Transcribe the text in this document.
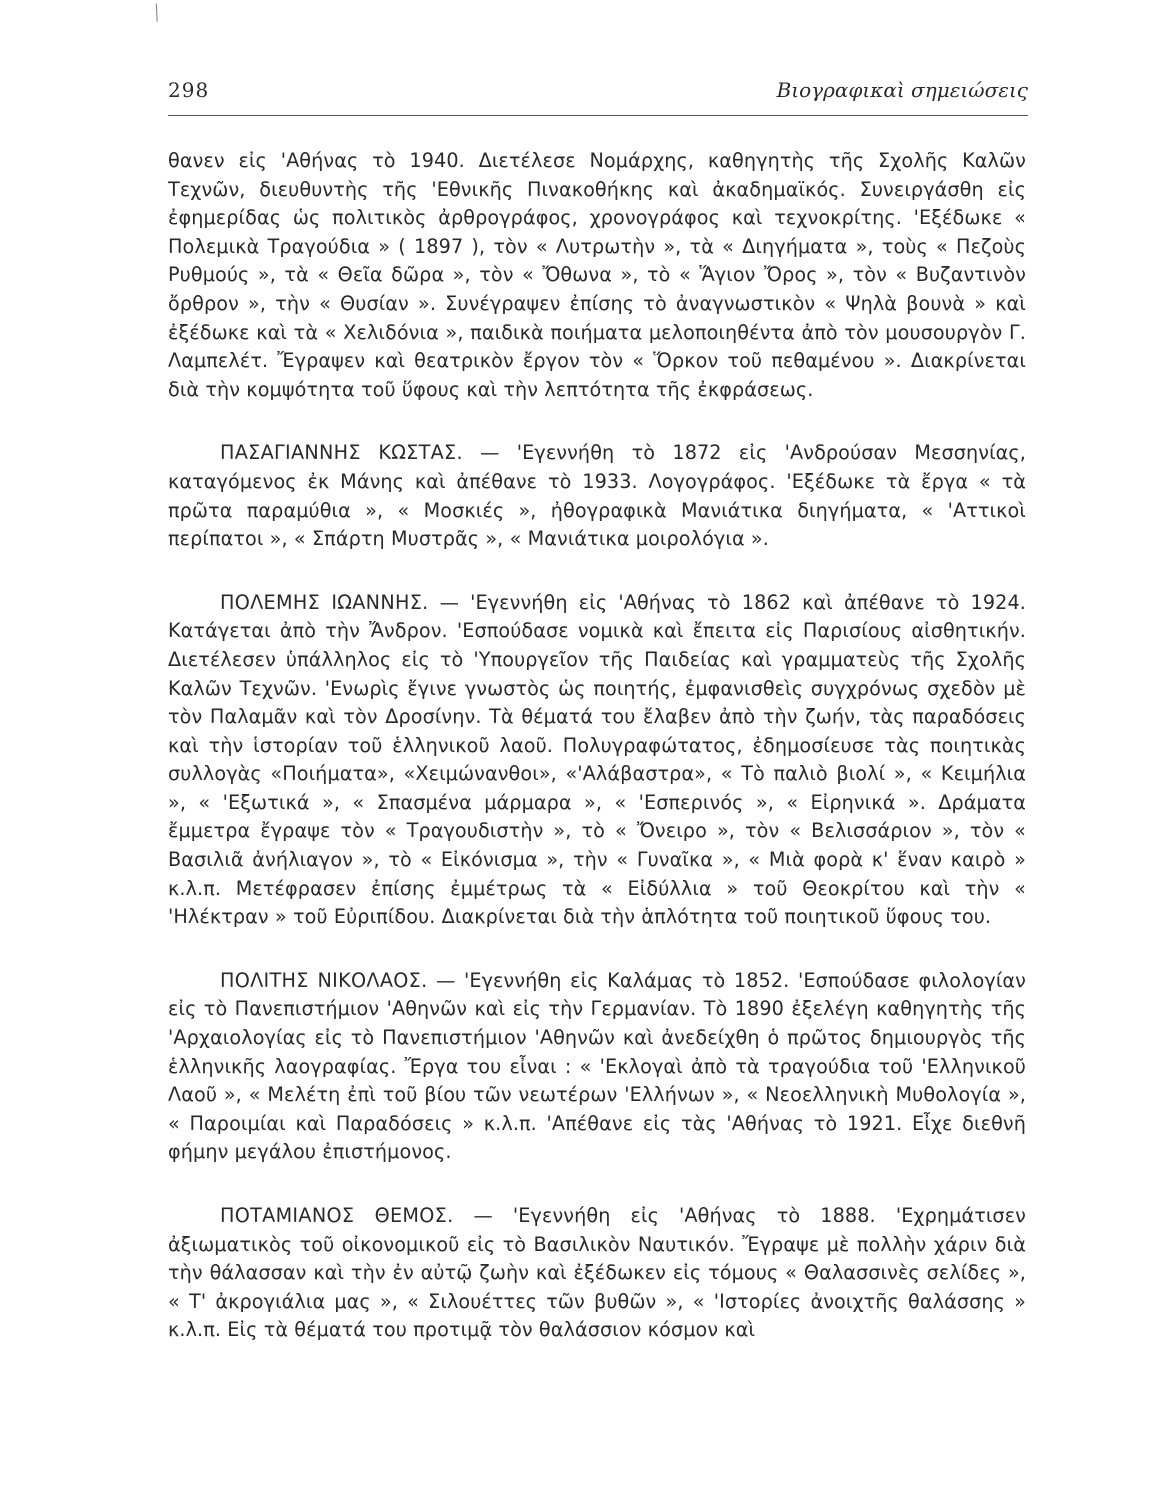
╱
298	Βιογραφικαὶ σημειώσεις

θανεν εἰς 'Αθήνας τὸ 1940. Διετέλεσε Νομάρχης, καθηγητὴς τῆς Σχολῆς Καλῶν Τεχνῶν, διευθυντὴς τῆς 'Εθνικῆς Πινακοθήκης καὶ ἀκαδημαϊκός. Συνειργάσθη εἰς ἐφημερίδας ὡς πολιτικὸς ἀρθρογράφος, χρονογράφος καὶ τεχνοκρίτης. 'Εξέδωκε « Πολεμικὰ Τραγούδια » ( 1897 ), τὸν « Λυτρωτὴν », τὰ « Διηγήματα », τοὺς « Πεζοὺς Ρυθμούς », τὰ « Θεῖα δῶρα », τὸν « Ὄθωνα », τὸ « Ἅγιον Ὄρος », τὸν « Βυζαντινὸν ὄρθρον », τὴν « Θυσίαν ». Συνέγραψεν ἐπίσης τὸ ἀναγνωστικὸν « Ψηλὰ βουνὰ » καὶ ἐξέδωκε καὶ τὰ « Χελιδόνια », παιδικὰ ποιήματα μελοποιηθέντα ἀπὸ τὸν μουσουργὸν Γ. Λαμπελέτ. Ἔγραψεν καὶ θεατρικὸν ἔργον τὸν « Ὅρκον τοῦ πεθαμένου ». Διακρίνεται διὰ τὴν κομψότητα τοῦ ὕφους καὶ τὴν λεπτότητα τῆς ἐκφράσεως.

ΠΑΣΑΓΙΑΝΝΗΣ ΚΩΣΤΑΣ. — 'Εγεννήθη τὸ 1872 εἰς 'Ανδρούσαν Μεσσηνίας, καταγόμενος ἐκ Μάνης καὶ ἀπέθανε τὸ 1933. Λογογράφος. 'Εξέδωκε τὰ ἔργα « τὰ πρῶτα παραμύθια », « Μοσκιές », ἠθογραφικὰ Μανιάτικα διηγήματα, « 'Αττικοὶ περίπατοι », « Σπάρτη Μυστρᾶς », « Μανιάτικα μοιρολόγια ».

ΠΟΛΕΜΗΣ ΙΩΑΝΝΗΣ. — 'Εγεννήθη εἰς 'Αθήνας τὸ 1862 καὶ ἀπέθανε τὸ 1924. Κατάγεται ἀπὸ τὴν Ἄνδρον. 'Εσπούδασε νομικὰ καὶ ἔπειτα εἰς Παρισίους αἰσθητικήν. Διετέλεσεν ὑπάλληλος εἰς τὸ 'Υπουργεῖον τῆς Παιδείας καὶ γραμματεὺς τῆς Σχολῆς Καλῶν Τεχνῶν. 'Ενωρὶς ἔγινε γνωστὸς ὡς ποιητής, ἐμφανισθεὶς συγχρόνως σχεδὸν μὲ τὸν Παλαμᾶν καὶ τὸν Δροσίνην. Τὰ θέματά του ἔλαβεν ἀπὸ τὴν ζωήν, τὰς παραδόσεις καὶ τὴν ἱστορίαν τοῦ ἑλληνικοῦ λαοῦ. Πολυγραφώτατος, ἐδημοσίευσε τὰς ποιητικὰς συλλογὰς «Ποιήματα», «Χειμώνανθοι», «'Αλάβαστρα», « Τὸ παλιὸ βιολί », « Κειμήλια », « 'Εξωτικά », « Σπασμένα μάρμαρα », « 'Εσπερινός », « Εἰρηνικά ». Δράματα ἔμμετρα ἔγραψε τὸν « Τραγουδιστὴν », τὸ « Ὄνειρο », τὸν « Βελισσάριον », τὸν « Βασιλιᾶ ἀνήλιαγον », τὸ « Εἰκόνισμα », τὴν « Γυναῖκα », « Μιὰ φορὰ κ' ἕναν καιρὸ » κ.λ.π. Μετέφρασεν ἐπίσης ἐμμέτρως τὰ « Εἰδύλλια » τοῦ Θεοκρίτου καὶ τὴν « 'Ηλέκτραν » τοῦ Εὐριπίδου. Διακρίνεται διὰ τὴν ἁπλότητα τοῦ ποιητικοῦ ὕφους του.

ΠΟΛΙΤΗΣ ΝΙΚΟΛΑΟΣ. — 'Εγεννήθη εἰς Καλάμας τὸ 1852. 'Εσπούδασε φιλολογίαν εἰς τὸ Πανεπιστήμιον 'Αθηνῶν καὶ εἰς τὴν Γερμανίαν. Τὸ 1890 ἐξελέγη καθηγητὴς τῆς 'Αρχαιολογίας εἰς τὸ Πανεπιστήμιον 'Αθηνῶν καὶ ἀνεδείχθη ὁ πρῶτος δημιουργὸς τῆς ἑλληνικῆς λαογραφίας. Ἔργα του εἶναι : « 'Εκλογαὶ ἀπὸ τὰ τραγούδια τοῦ 'Ελληνικοῦ Λαοῦ », « Μελέτη ἐπὶ τοῦ βίου τῶν νεωτέρων 'Ελλήνων », « Νεοελληνικὴ Μυθολογία », « Παροιμίαι καὶ Παραδόσεις » κ.λ.π. 'Απέθανε εἰς τὰς 'Αθήνας τὸ 1921. Εἶχε διεθνῆ φήμην μεγάλου ἐπιστήμονος.

ΠΟΤΑΜΙΑΝΟΣ ΘΕΜΟΣ. — 'Εγεννήθη εἰς 'Αθήνας τὸ 1888. 'Εχρημάτισεν ἀξιωματικὸς τοῦ οἰκονομικοῦ εἰς τὸ Βασιλικὸν Ναυτικόν. Ἔγραψε μὲ πολλὴν χάριν διὰ τὴν θάλασσαν καὶ τὴν ἐν αὐτῷ ζωὴν καὶ ἐξέδωκεν εἰς τόμους « Θαλασσινὲς σελίδες », « Τ' ἀκρογιάλια μας », « Σιλουέττες τῶν βυθῶν », « 'Ιστορίες ἀνοιχτῆς θαλάσσης » κ.λ.π. Εἰς τὰ θέματά του προτιμᾷ τὸν θαλάσσιον κόσμον καὶ
